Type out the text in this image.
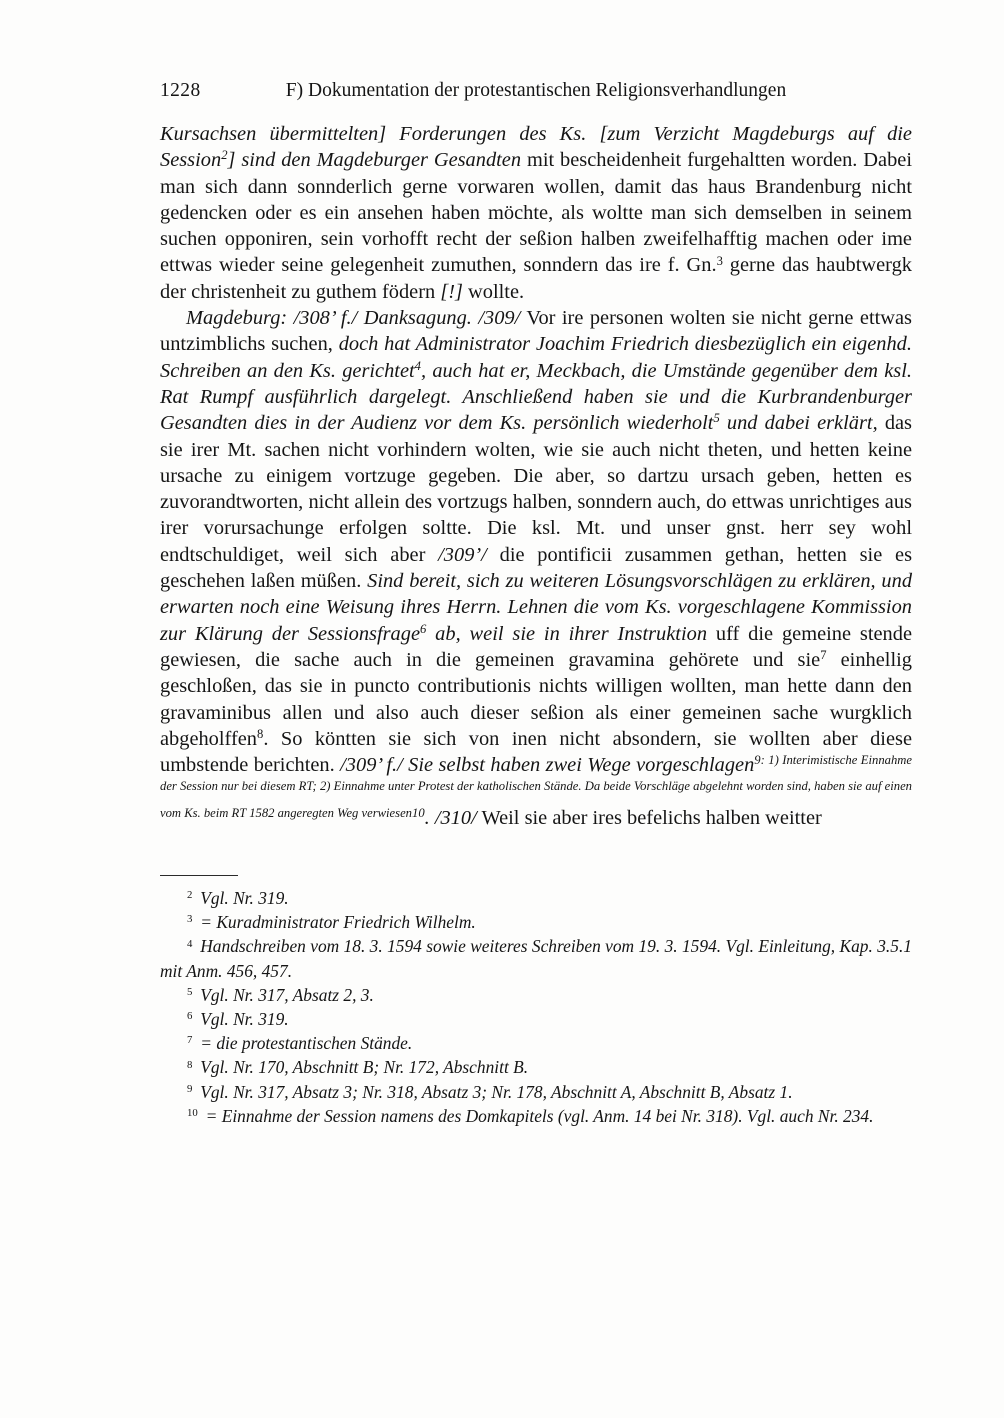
1228	F) Dokumentation der protestantischen Religionsverhandlungen

Kursachsen übermittelten] Forderungen des Ks. [zum Verzicht Magdeburgs auf die Session$^2$] sind den Magdeburger Gesandten mit bescheidenheit furgehaltten worden. Dabei man sich dann sonnderlich gerne vorwaren wollen, damit das haus Brandenburg nicht gedencken oder es ein ansehen haben möchte, als woltte man sich demselben in seinem suchen opponiren, sein vorhofft recht der seßion halben zweifelhafftig machen oder ime ettwas wieder seine gelegenheit zumuthen, sonndern das ire f. Gn.$^3$ gerne das haubtwergk der christenheit zu guthem födern [!] wollte.

Magdeburg: /308’ f./ Danksagung. /309/ Vor ire personen wolten sie nicht gerne ettwas untzimblichs suchen, doch hat Administrator Joachim Friedrich diesbezüglich ein eigenhd. Schreiben an den Ks. gerichtet$^4$, auch hat er, Meckbach, die Umstände gegenüber dem ksl. Rat Rumpf ausführlich dargelegt. Anschließend haben sie und die Kurbrandenburger Gesandten dies in der Audienz vor dem Ks. persönlich wiederholt$^5$ und dabei erklärt, das sie irer Mt. sachen nicht vorhindern wolten, wie sie auch nicht theten, und hetten keine ursache zu einigem vortzuge gegeben. Die aber, so dartzu ursach geben, hetten es zuvorandtworten, nicht allein des vortzugs halben, sonndern auch, do ettwas unrichtiges aus irer vorursachunge erfolgen soltte. Die ksl. Mt. und unser gnst. herr sey wohl endtschuldiget, weil sich aber /309’/ die pontificii zusammen gethan, hetten sie es geschehen laßen müßen. Sind bereit, sich zu weiteren Lösungsvorschlägen zu erklären, und erwarten noch eine Weisung ihres Herrn. Lehnen die vom Ks. vorgeschlagene Kommission zur Klärung der Sessionsfrage$^6$ ab, weil sie in ihrer Instruktion uff die gemeine stende gewiesen, die sache auch in die gemeinen gravamina gehörete und sie$^7$ einhellig geschloßen, das sie in puncto contributionis nichts willigen wollten, man hette dann den gravaminibus allen und also auch dieser seßion als einer gemeinen sache wurgklich abgeholffen$^8$. So köntten sie sich von inen nicht absondern, sie wollten aber diese umbstende berichten. /309’ f./ Sie selbst haben zwei Wege vorgeschlagen$^{9: 1) Interimistische Einnahme der Session nur bei diesem RT; 2) Einnahme unter Protest der katholischen Stände. Da beide Vorschläge abgelehnt worden sind, haben sie auf einen vom Ks. beim RT 1582 angeregten Weg verwiesen10}$. /310/ Weil sie aber ires befelichs halben weitter

$^2$   Vgl. Nr. 319.

$^3$   = Kuradministrator Friedrich Wilhelm.

$^4$   Handschreiben vom 18. 3. 1594 sowie weiteres Schreiben vom 19. 3. 1594. Vgl. Einleitung, Kap. 3.5.1 mit Anm. 456, 457.

$^5$   Vgl. Nr. 317, Absatz 2, 3.

$^6$   Vgl. Nr. 319.

$^7$   = die protestantischen Stände.

$^8$   Vgl. Nr. 170, Abschnitt B; Nr. 172, Abschnitt B.

$^9$   Vgl. Nr. 317, Absatz 3; Nr. 318, Absatz 3; Nr. 178, Abschnitt A, Abschnitt B, Absatz 1.

$^{10}$   = Einnahme der Session namens des Domkapitels (vgl. Anm. 14 bei Nr. 318). Vgl. auch Nr. 234.
